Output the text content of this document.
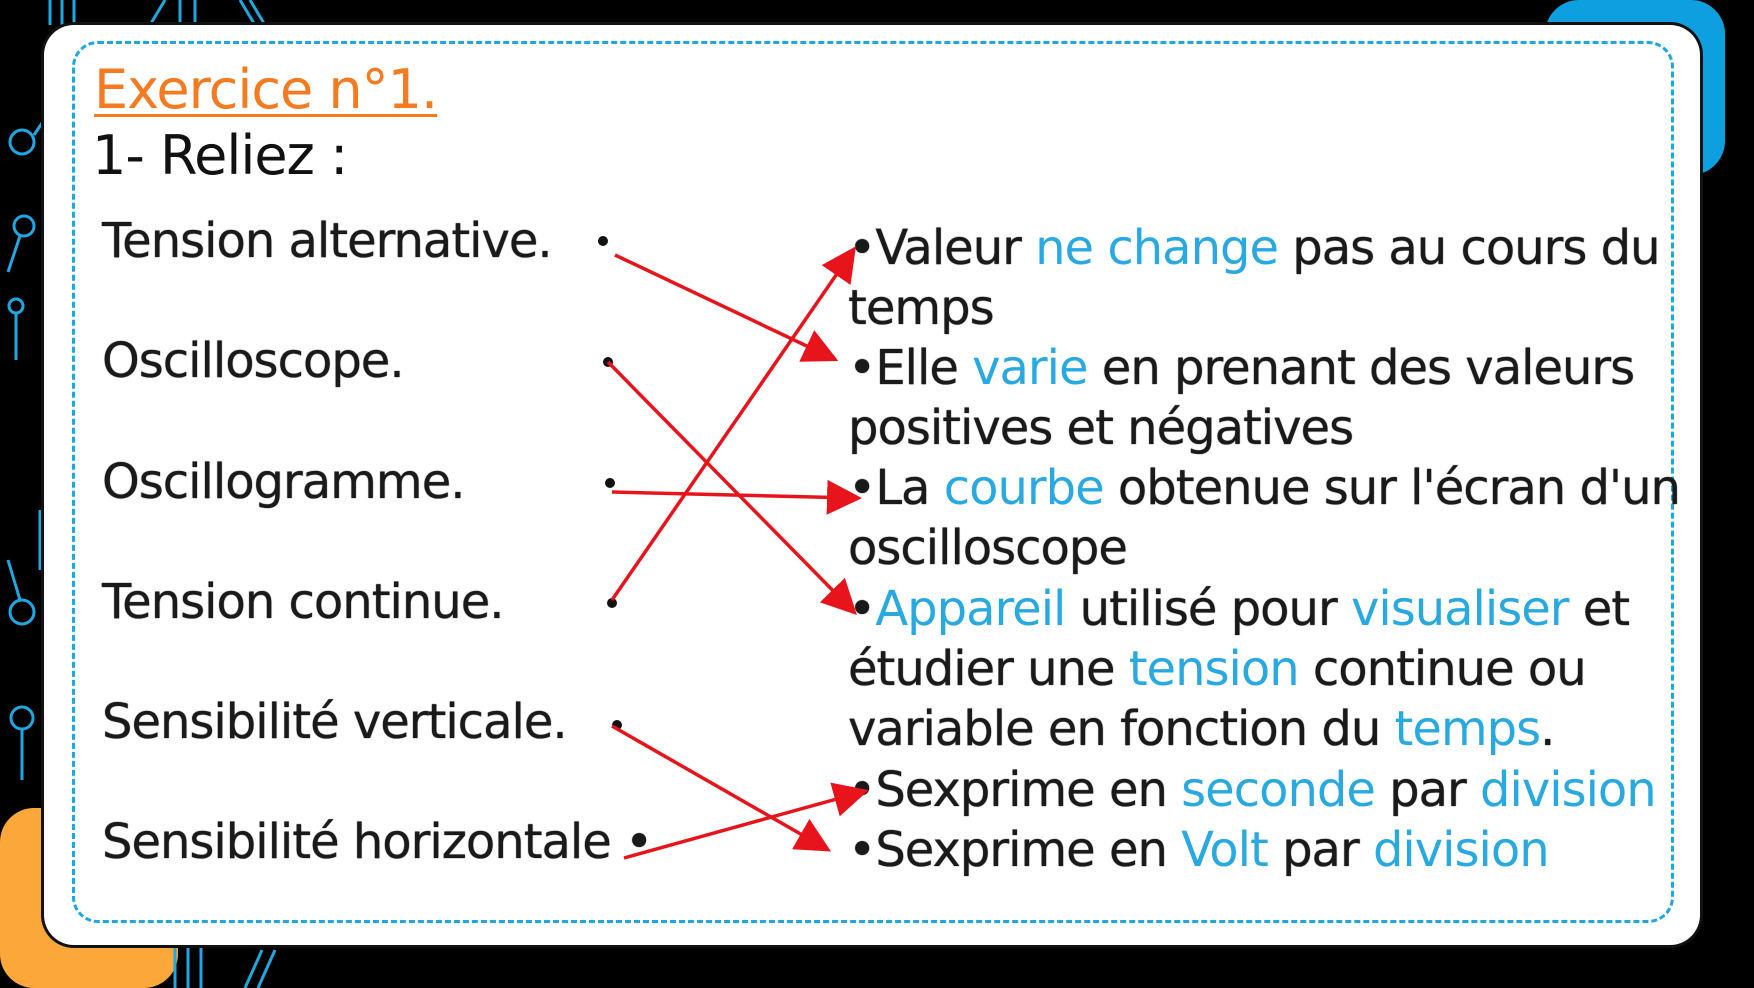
Exercice n°1.
1- Reliez :
Tension alternative.
Oscilloscope.
Oscillogramme.
Tension continue.
Sensibilité verticale.
Sensibilité horizontale •
•Valeur ne change pas au cours du
temps
•Elle varie en prenant des valeurs
positives et négatives
•La courbe obtenue sur l'écran d'un
oscilloscope
•Appareil utilisé pour visualiser et
étudier une tension continue ou
variable en fonction du temps.
•Sexprime en seconde par division
•Sexprime en Volt par division
